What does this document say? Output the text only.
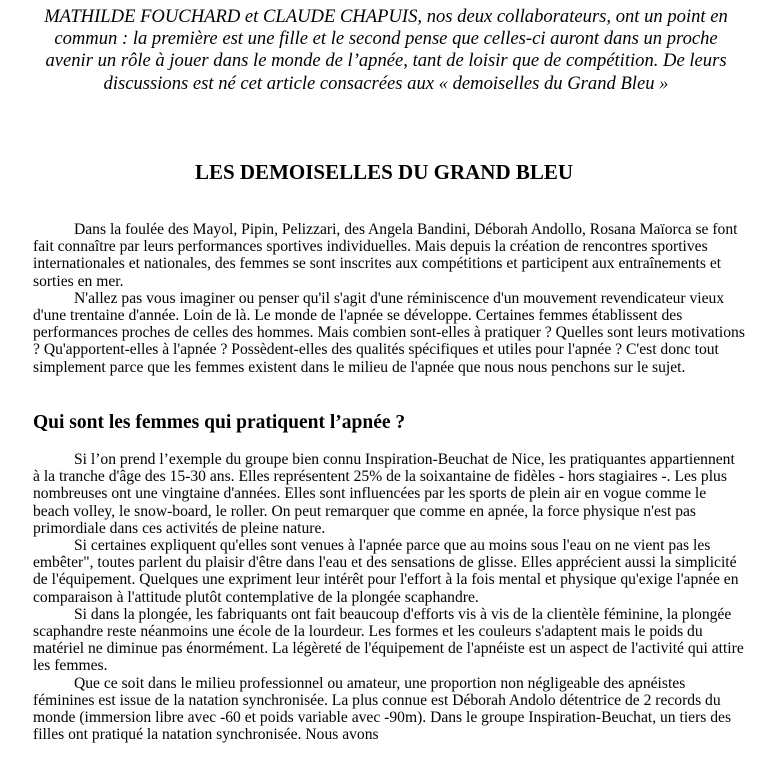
MATHILDE FOUCHARD et CLAUDE CHAPUIS, nos deux collaborateurs, ont un point en commun : la première est une fille et le second pense que celles-ci auront dans un proche avenir un rôle à jouer dans le monde de l’apnée, tant de loisir que de compétition. De leurs discussions est né cet article consacrées aux « demoiselles du Grand Bleu »
LES DEMOISELLES DU GRAND BLEU

Dans la foulée des Mayol, Pipin, Pelizzari, des Angela Bandini, Déborah Andollo, Rosana Maïorca se font fait connaître par leurs performances sportives individuelles. Mais depuis la création de rencontres sportives internationales et nationales, des femmes se sont inscrites aux compétitions et participent aux entraînements et sorties en mer.

N'allez pas vous imaginer ou penser qu'il s'agit d'une réminiscence d'un mouvement revendicateur vieux d'une trentaine d'année. Loin de là. Le monde de l'apnée se développe. Certaines femmes établissent des performances proches de celles des hommes. Mais combien sont-elles à pratiquer ? Quelles sont leurs motivations ? Qu'apportent-elles à l'apnée ? Possèdent-elles des qualités spécifiques et utiles pour l'apnée ? C'est donc tout simplement parce que les femmes existent dans le milieu de l'apnée que nous nous penchons sur le sujet.

Qui sont les femmes qui pratiquent l’apnée ?

Si l’on prend l’exemple du groupe bien connu Inspiration-Beuchat de Nice, les pratiquantes appartiennent à la tranche d'âge des 15-30 ans. Elles représentent 25% de la soixantaine de fidèles - hors stagiaires -. Les plus nombreuses ont une vingtaine d'années. Elles sont influencées par les sports de plein air en vogue comme le beach volley, le snow-board, le roller. On peut remarquer que comme en apnée, la force physique n'est pas primordiale dans ces activités de pleine nature.

Si certaines expliquent qu'elles sont venues à l'apnée parce que au moins sous l'eau on ne vient pas les embêter", toutes parlent du plaisir d'être dans l'eau et des sensations de glisse. Elles apprécient aussi la simplicité de l'équipement. Quelques une expriment leur intérêt pour l'effort à la fois mental et physique qu'exige l'apnée en comparaison à l'attitude plutôt contemplative de la plongée scaphandre.

Si dans la plongée, les fabriquants ont fait beaucoup d'efforts vis à vis de la clientèle féminine, la plongée scaphandre reste néanmoins une école de la lourdeur. Les formes et les couleurs s'adaptent mais le poids du matériel ne diminue pas énormément. La légèreté de l'équipement de l'apnéiste est un aspect de l'activité qui attire les femmes.

Que ce soit dans le milieu professionnel ou amateur, une proportion non négligeable des apnéistes féminines est issue de la natation synchronisée. La plus connue est Déborah Andolo détentrice de 2 records du monde (immersion libre avec -60 et poids variable avec -90m). Dans le groupe Inspiration-Beuchat, un tiers des filles ont pratiqué la natation synchronisée. Nous avons
